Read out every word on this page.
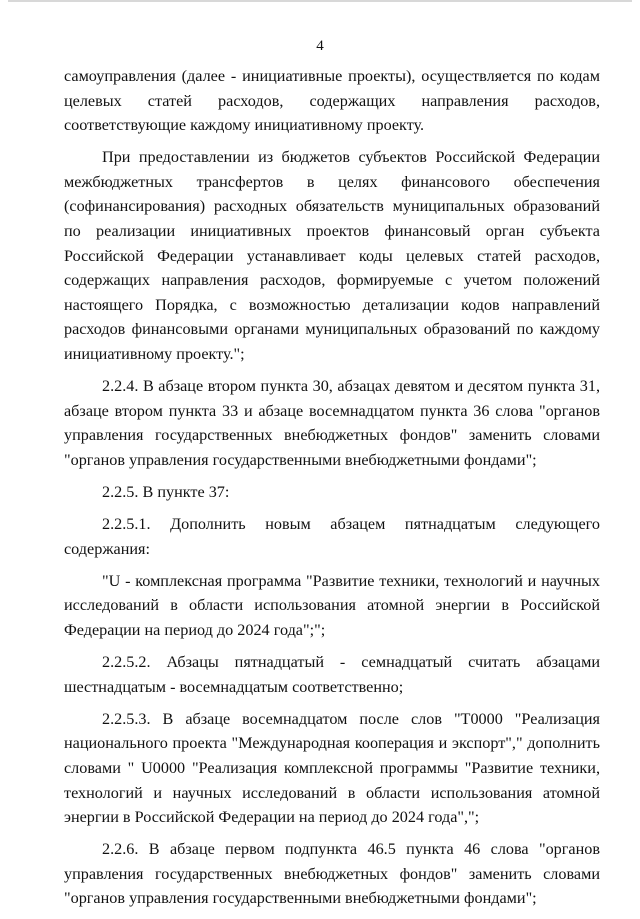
4

самоуправления (далее - инициативные проекты), осуществляется по кодам целевых статей расходов, содержащих направления расходов, соответствующие каждому инициативному проекту.

При предоставлении из бюджетов субъектов Российской Федерации межбюджетных трансфертов в целях финансового обеспечения (софинансирования) расходных обязательств муниципальных образований по реализации инициативных проектов финансовый орган субъекта Российской Федерации устанавливает коды целевых статей расходов, содержащих направления расходов, формируемые с учетом положений настоящего Порядка, с возможностью детализации кодов направлений расходов финансовыми органами муниципальных образований по каждому инициативному проекту.";

2.2.4. В абзаце втором пункта 30, абзацах девятом и десятом пункта 31, абзаце втором пункта 33 и абзаце восемнадцатом пункта 36 слова "органов управления государственных внебюджетных фондов" заменить словами "органов управления государственными внебюджетными фондами";

2.2.5. В пункте 37:

2.2.5.1. Дополнить новым абзацем пятнадцатым следующего содержания:

"U - комплексная программа "Развитие техники, технологий и научных исследований в области использования атомной энергии в Российской Федерации на период до 2024 года";";

2.2.5.2. Абзацы пятнадцатый - семнадцатый считать абзацами шестнадцатым - восемнадцатым соответственно;

2.2.5.3. В абзаце восемнадцатом после слов "Т0000 "Реализация национального проекта "Международная кооперация и экспорт"," дополнить словами " U0000 "Реализация комплексной программы "Развитие техники, технологий и научных исследований в области использования атомной энергии в Российской Федерации на период до 2024 года",";

2.2.6. В абзаце первом подпункта 46.5 пункта 46 слова "органов управления государственных внебюджетных фондов" заменить словами "органов управления государственными внебюджетными фондами";
